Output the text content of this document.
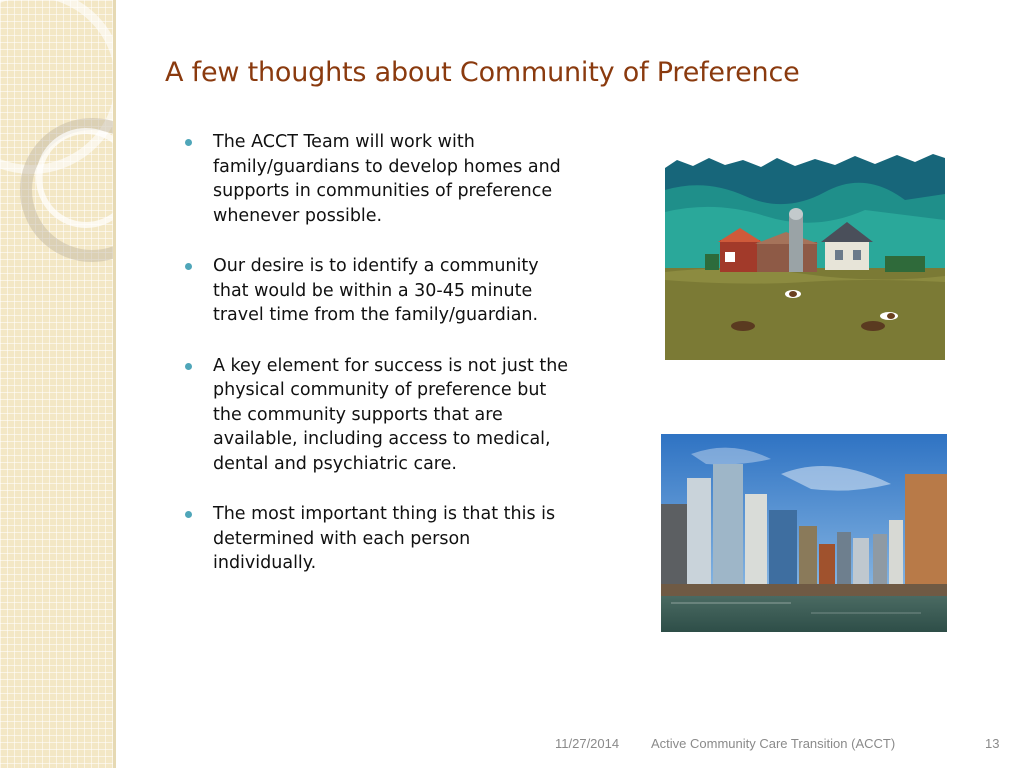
A few thoughts about Community of Preference
The ACCT Team will work with family/guardians to develop homes and supports in communities of preference whenever possible.
Our desire is to identify a community that would be within a 30-45 minute travel time from the family/guardian.
A key element for success is not just the physical community of preference but the community supports that are available, including access to medical, dental and psychiatric care.
The most important thing is that this is determined with each person individually.
11/27/2014 Active Community Care Transition (ACCT)	13
